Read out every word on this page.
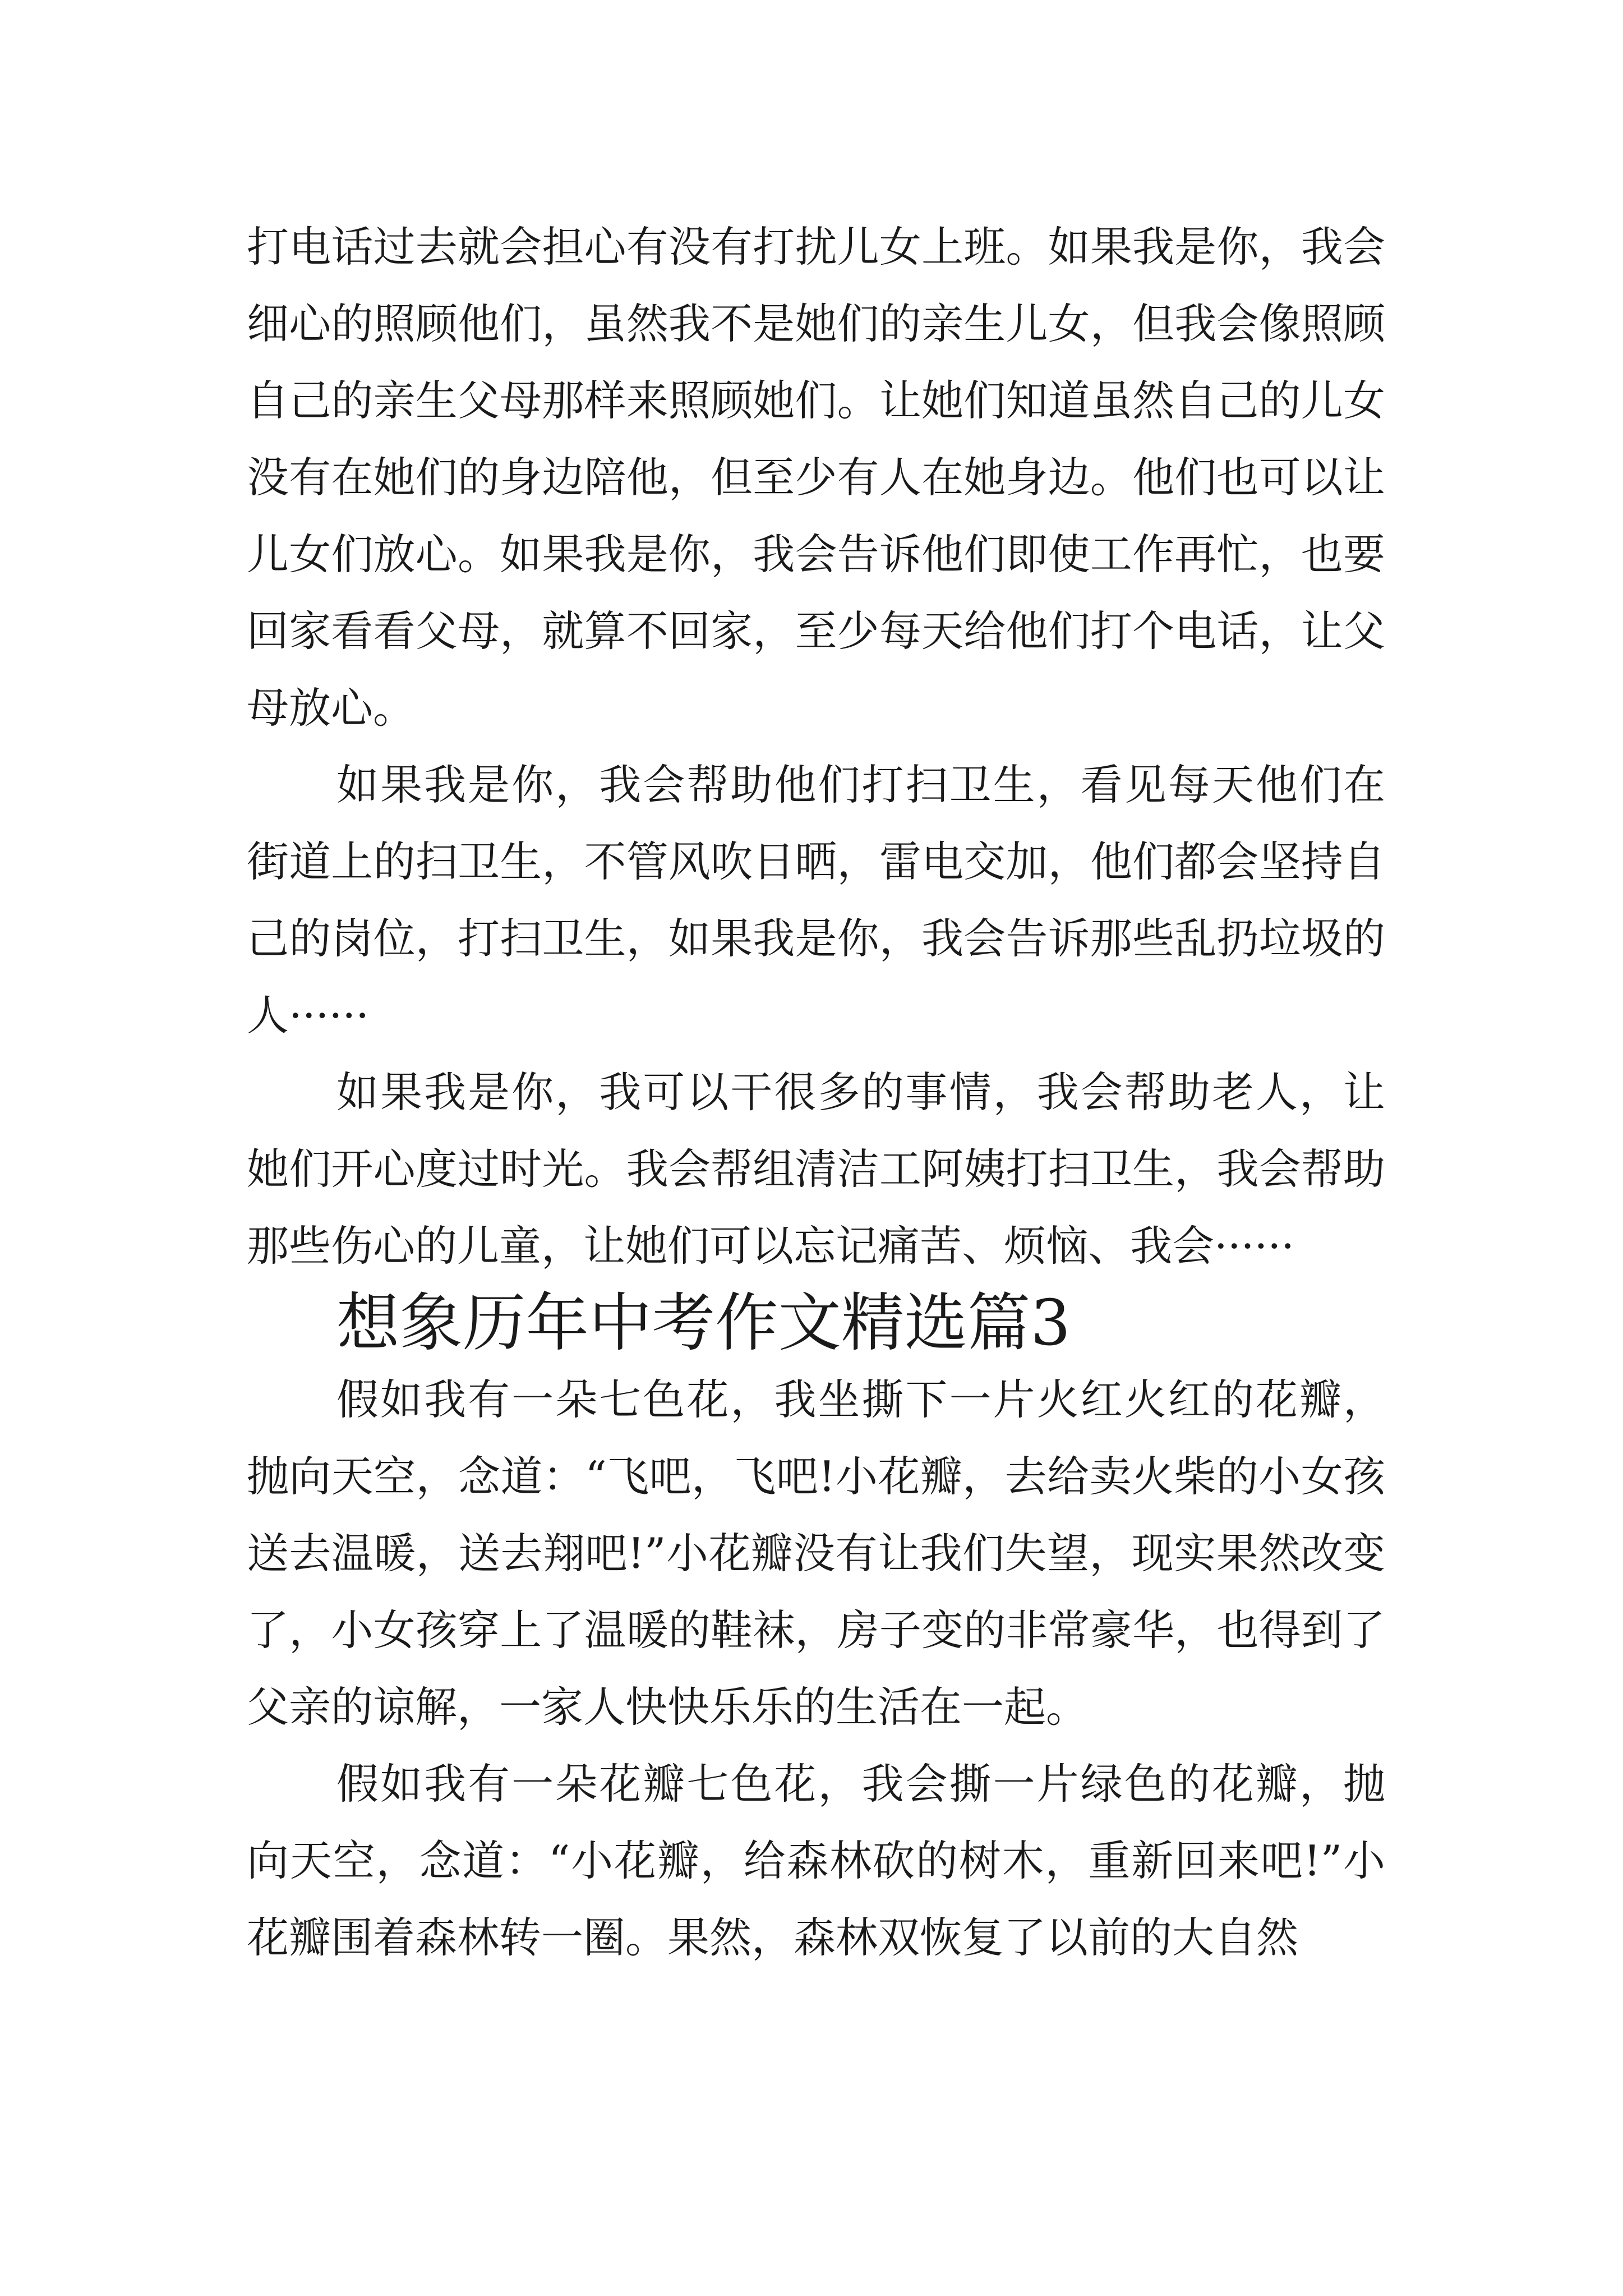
打电话过去就会担心有没有打扰儿女上班。如果我是你，我会细心的照顾他们，虽然我不是她们的亲生儿女，但我会像照顾自己的亲生父母那样来照顾她们。让她们知道虽然自己的儿女没有在她们的身边陪他，但至少有人在她身边。他们也可以让儿女们放心。如果我是你，我会告诉他们即使工作再忙，也要回家看看父母，就算不回家，至少每天给他们打个电话，让父母放心。

如果我是你，我会帮助他们打扫卫生，看见每天他们在街道上的扫卫生，不管风吹日晒，雷电交加，他们都会坚持自己的岗位，打扫卫生，如果我是你，我会告诉那些乱扔垃圾的人······

如果我是你，我可以干很多的事情，我会帮助老人，让她们开心度过时光。我会帮组清洁工阿姨打扫卫生，我会帮助那些伤心的儿童，让她们可以忘记痛苦、烦恼、我会······

想象历年中考作文精选篇3

假如我有一朵七色花，我坐撕下一片火红火红的花瓣，抛向天空，念道：“飞吧，飞吧!小花瓣，去给卖火柴的小女孩送去温暖，送去翔吧!”小花瓣没有让我们失望，现实果然改变了，小女孩穿上了温暖的鞋袜，房子变的非常豪华，也得到了父亲的谅解，一家人快快乐乐的生活在一起。

假如我有一朵花瓣七色花，我会撕一片绿色的花瓣，抛向天空，念道：“小花瓣，给森林砍的树木，重新回来吧!”小花瓣围着森林转一圈。果然，森林双恢复了以前的大自然
